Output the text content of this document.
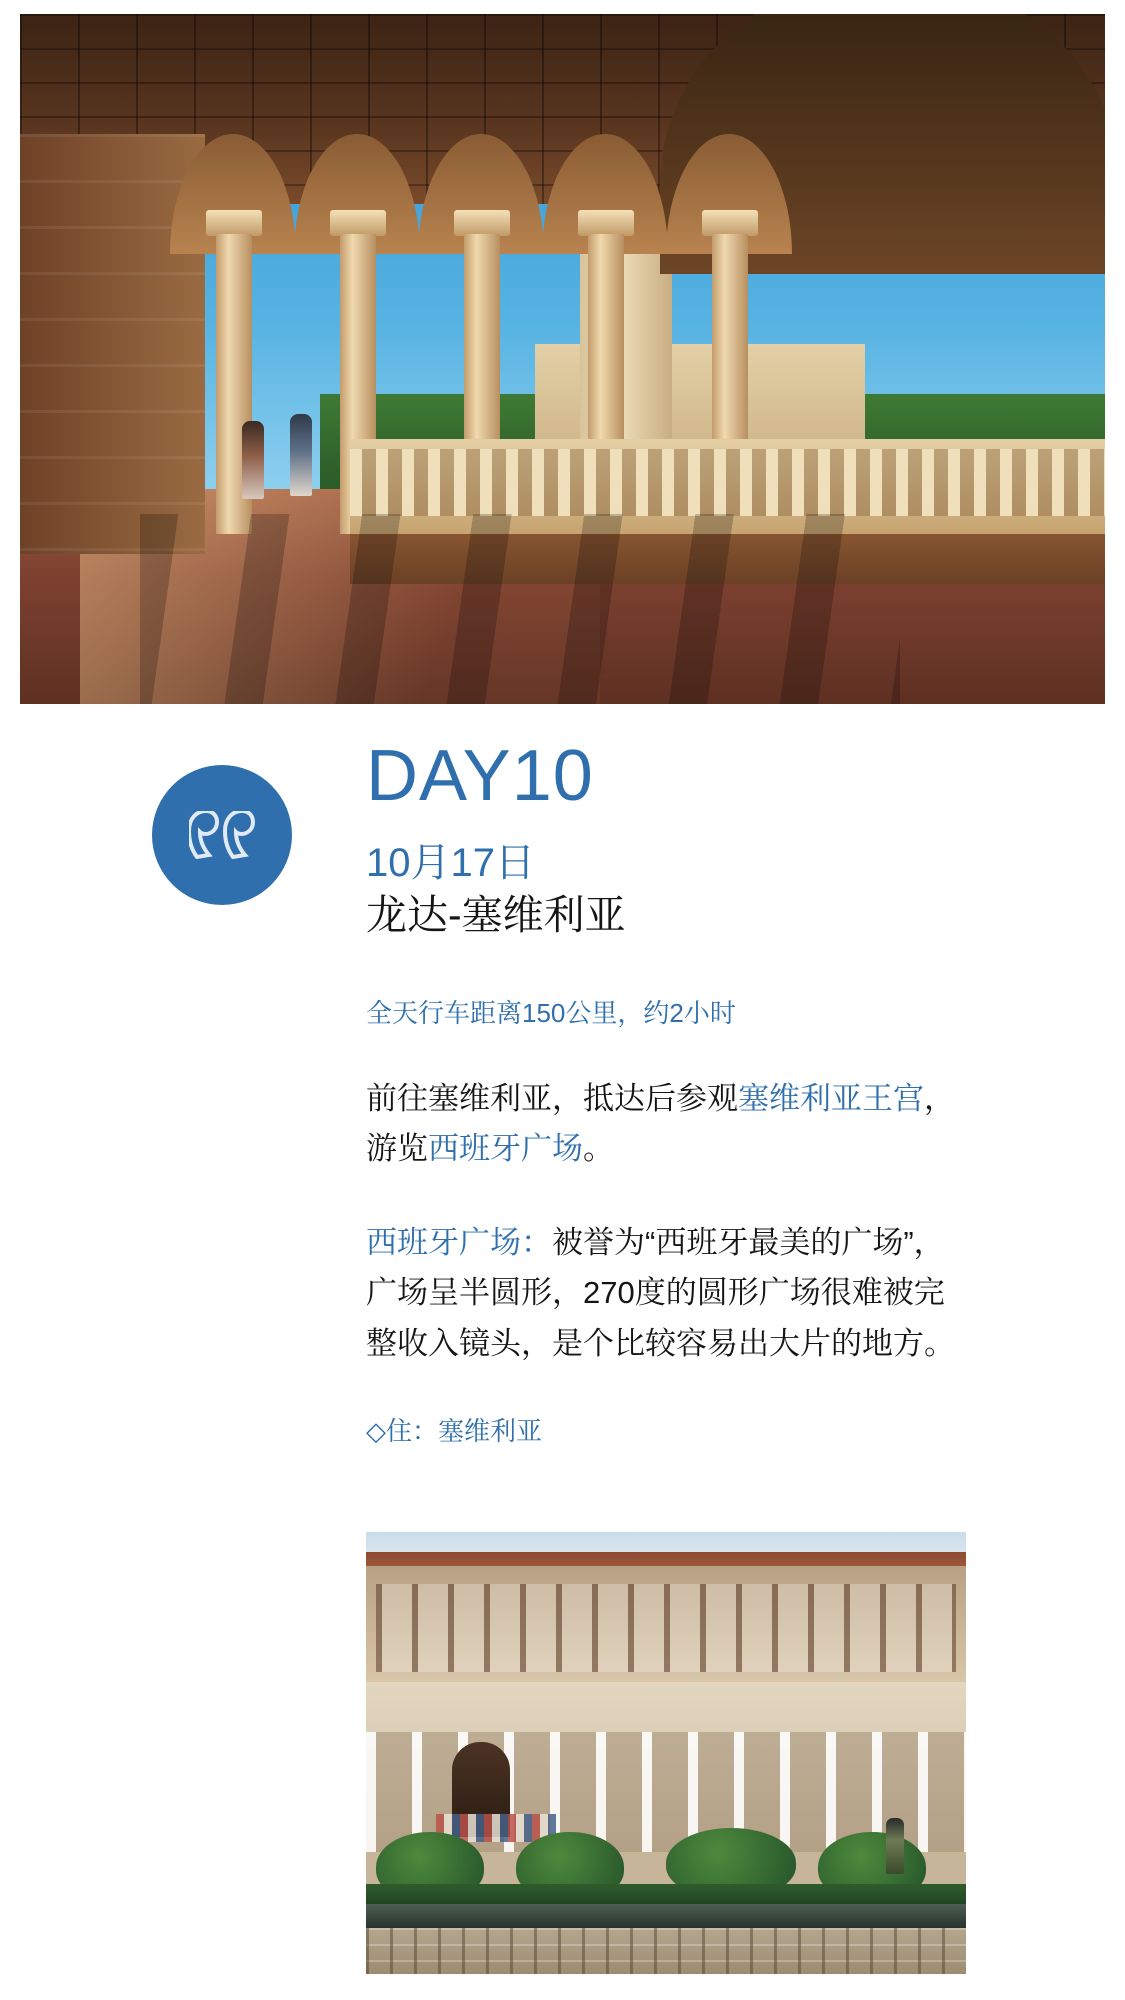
DAY10
10月17日
龙达-塞维利亚
全天行车距离150公里，约2小时

前往塞维利亚，抵达后参观塞维利亚王宫，游览西班牙广场。

西班牙广场：被誉为“西班牙最美的广场”，广场呈半圆形，270度的圆形广场很难被完整收入镜头，是个比较容易出大片的地方。

◇住：塞维利亚
